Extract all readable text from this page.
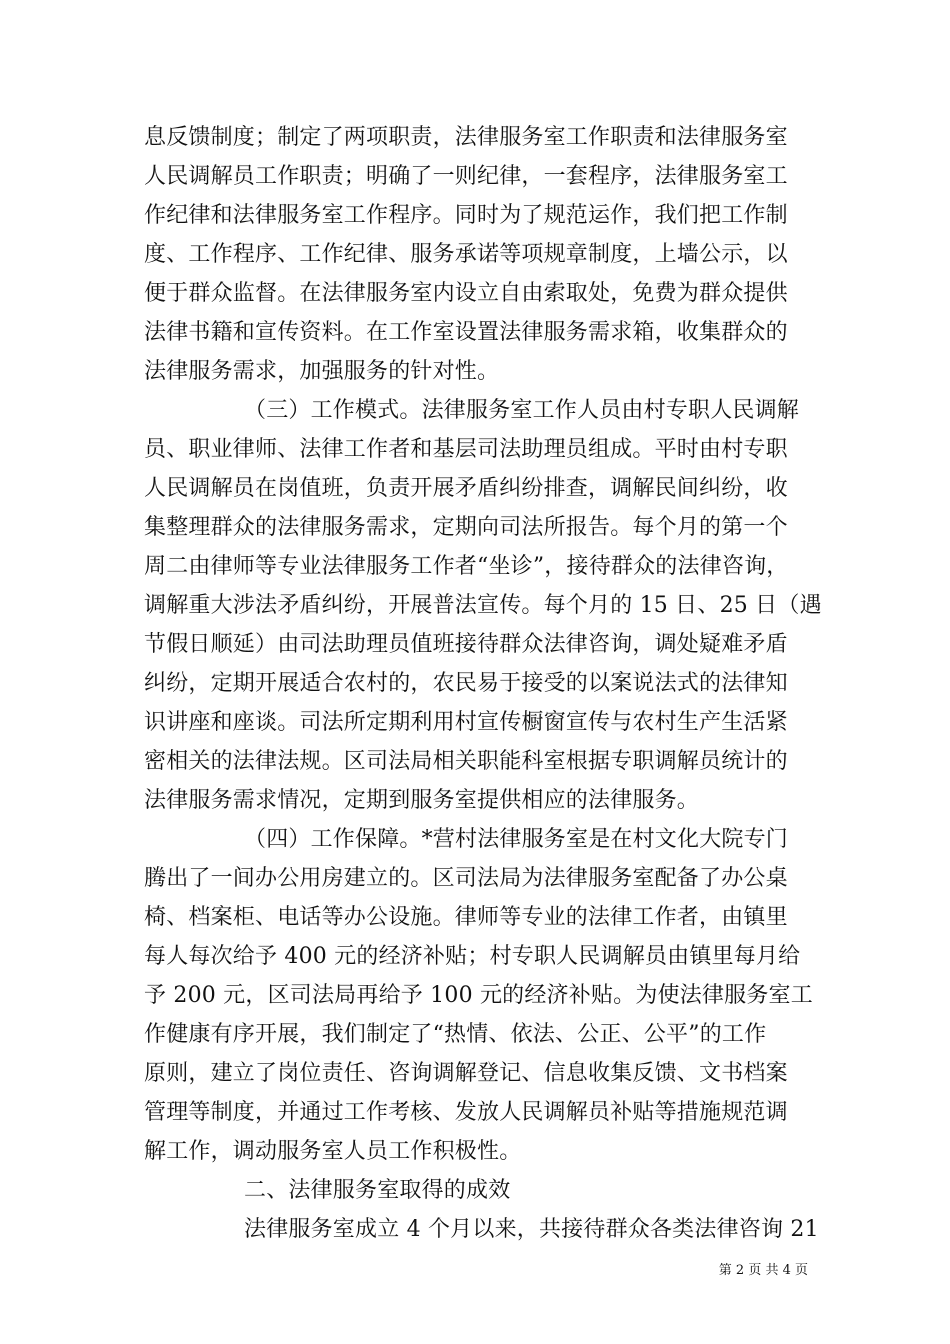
息反馈制度；制定了两项职责，法律服务室工作职责和法律服务室
人民调解员工作职责；明确了一则纪律，一套程序，法律服务室工
作纪律和法律服务室工作程序。同时为了规范运作，我们把工作制
度、工作程序、工作纪律、服务承诺等项规章制度，上墙公示，以
便于群众监督。在法律服务室内设立自由索取处，免费为群众提供
法律书籍和宣传资料。在工作室设置法律服务需求箱，收集群众的
法律服务需求，加强服务的针对性。
（三）工作模式。法律服务室工作人员由村专职人民调解
员、职业律师、法律工作者和基层司法助理员组成。平时由村专职
人民调解员在岗值班，负责开展矛盾纠纷排查，调解民间纠纷，收
集整理群众的法律服务需求，定期向司法所报告。每个月的第一个
周二由律师等专业法律服务工作者“坐诊”，接待群众的法律咨询，
调解重大涉法矛盾纠纷，开展普法宣传。每个月的 15 日、25 日（遇
节假日顺延）由司法助理员值班接待群众法律咨询，调处疑难矛盾
纠纷，定期开展适合农村的，农民易于接受的以案说法式的法律知
识讲座和座谈。司法所定期利用村宣传橱窗宣传与农村生产生活紧
密相关的法律法规。区司法局相关职能科室根据专职调解员统计的
法律服务需求情况，定期到服务室提供相应的法律服务。
（四）工作保障。*营村法律服务室是在村文化大院专门
腾出了一间办公用房建立的。区司法局为法律服务室配备了办公桌
椅、档案柜、电话等办公设施。律师等专业的法律工作者，由镇里
每人每次给予 400 元的经济补贴；村专职人民调解员由镇里每月给
予 200 元，区司法局再给予 100 元的经济补贴。为使法律服务室工
作健康有序开展，我们制定了“热情、依法、公正、公平”的工作
原则，建立了岗位责任、咨询调解登记、信息收集反馈、文书档案
管理等制度，并通过工作考核、发放人民调解员补贴等措施规范调
解工作，调动服务室人员工作积极性。
二、法律服务室取得的成效
法律服务室成立 4 个月以来，共接待群众各类法律咨询 21
第 2 页 共 4 页
